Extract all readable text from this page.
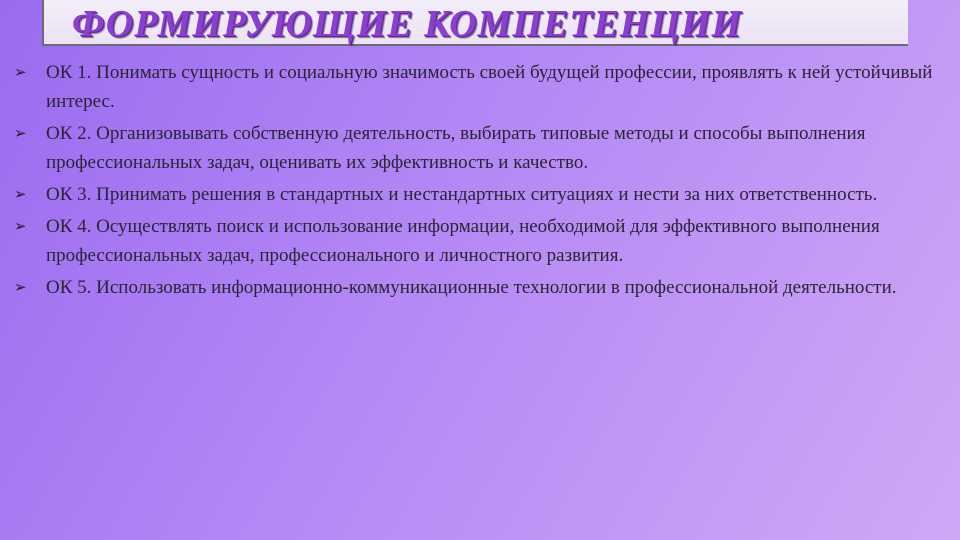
ФОРМИРУЮЩИЕ КОМПЕТЕНЦИИ
➢ ОК 1. Понимать сущность и социальную значимость своей будущей профессии, проявлять к ней устойчивый интерес.
➢ ОК 2. Организовывать собственную деятельность, выбирать типовые методы и способы выполнения профессиональных задач, оценивать их эффективность и качество.
➢ ОК 3. Принимать решения в стандартных и нестандартных ситуациях и нести за них ответственность.
➢ ОК 4. Осуществлять поиск и использование информации, необходимой для эффективного выполнения профессиональных задач, профессионального и личностного развития.
➢ ОК 5. Использовать информационно-коммуникационные технологии в профессиональной деятельности.
